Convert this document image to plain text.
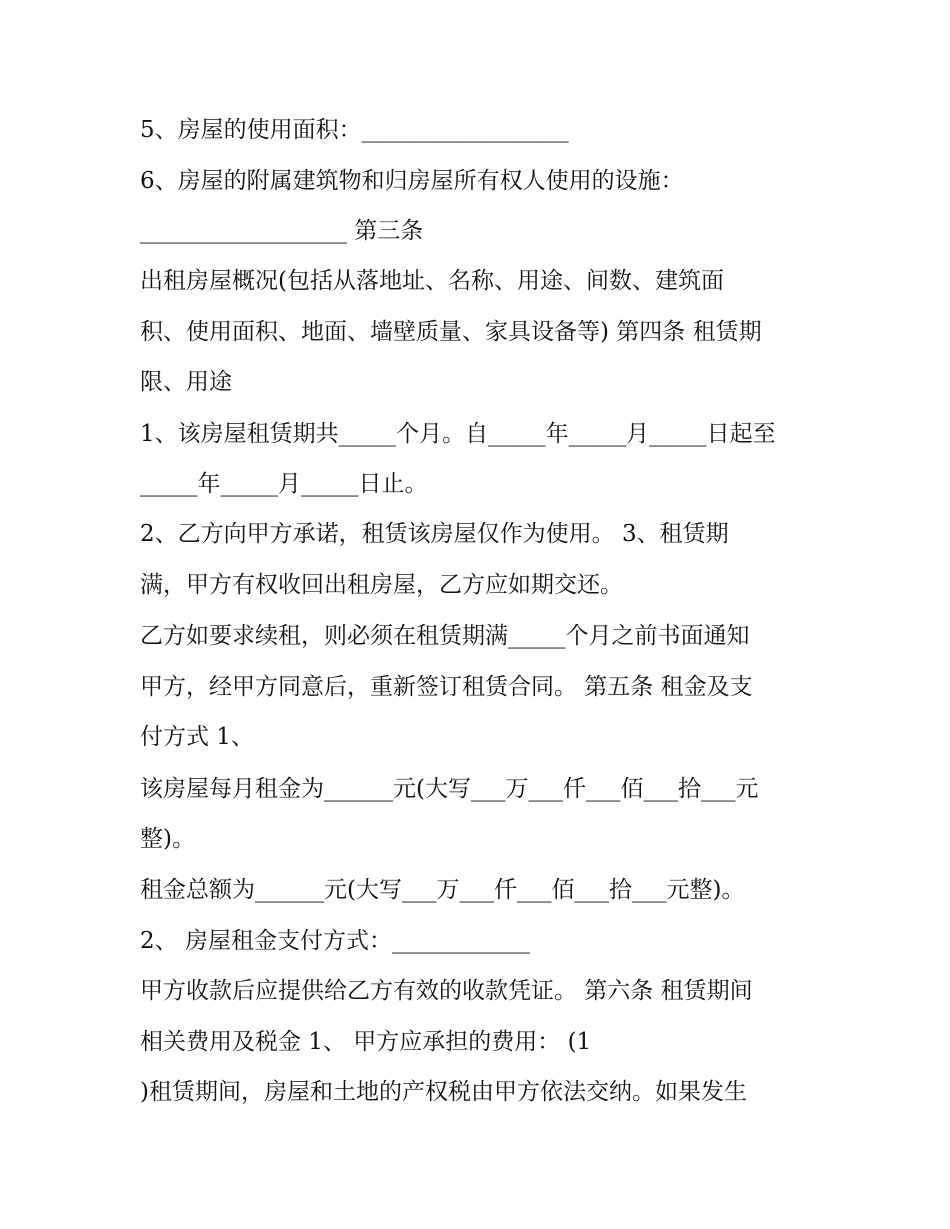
5、房屋的使用面积：__________________
6、房屋的附属建筑物和归房屋所有权人使用的设施：
__________________ 第三条
出租房屋概况(包括从落地址、名称、用途、间数、建筑面
积、使用面积、地面、墙壁质量、家具设备等) 第四条 租赁期
限、用途
1、该房屋租赁期共_____个月。自_____年_____月_____日起至
_____年_____月_____日止。
2、乙方向甲方承诺，租赁该房屋仅作为使用。 3、租赁期
满，甲方有权收回出租房屋，乙方应如期交还。
乙方如要求续租，则必须在租赁期满_____个月之前书面通知
甲方，经甲方同意后，重新签订租赁合同。 第五条 租金及支
付方式 1、
该房屋每月租金为______元(大写___万___仟___佰___拾___元
整)。
租金总额为______元(大写___万___仟___佰___拾___元整)。
2、 房屋租金支付方式：____________
甲方收款后应提供给乙方有效的收款凭证。 第六条 租赁期间
相关费用及税金 1、 甲方应承担的费用： (1
)租赁期间，房屋和土地的产权税由甲方依法交纳。如果发生
